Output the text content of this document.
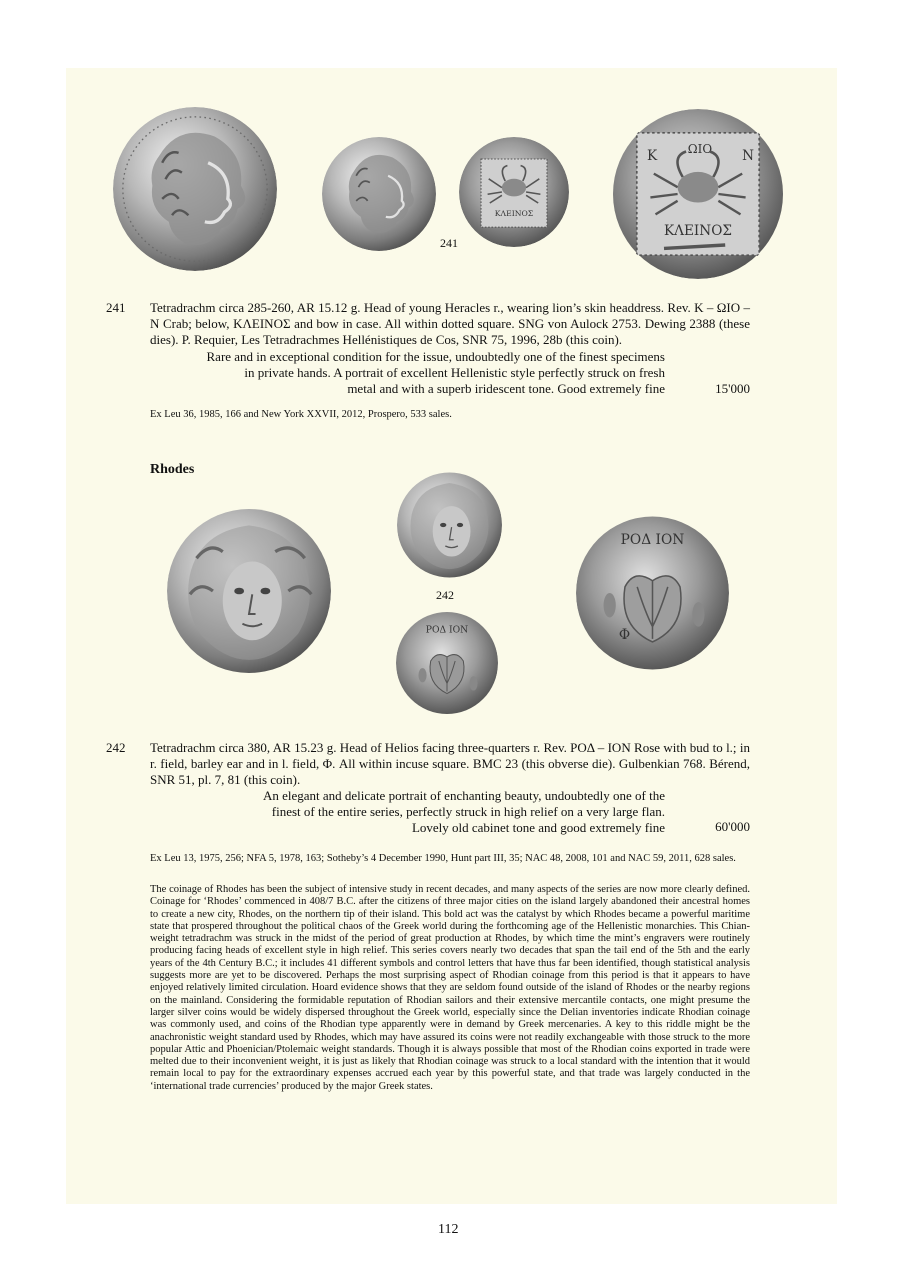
KΛEINOΣ
K	ΩIO	N
KΛEINOΣ
241
241 Tetradrachm circa 285-260, AR 15.12 g. Head of young Heracles r., wearing lion’s skin headdress. Rev. K – ΩIO – N Crab; below, KΛEINOΣ and bow in case. All within dotted square. SNG von Aulock 2753. Dewing 2388 (these dies). P. Requier, Les Tetradrachmes Hellénistiques de Cos, SNR 75, 1996, 28b (this coin).
Rare and in exceptional condition for the issue, undoubtedly one of the finest specimens
in private hands. A portrait of excellent Hellenistic style perfectly struck on fresh
metal and with a superb iridescent tone. Good extremely fine	15'000
Ex Leu 36, 1985, 166 and New York XXVII, 2012, Prospero, 533 sales.
Rhodes
242
POΔ ION
POΔ ION
Φ
242 Tetradrachm circa 380, AR 15.23 g. Head of Helios facing three-quarters r. Rev. POΔ – ION Rose with bud to l.; in r. field, barley ear and in l. field, Φ. All within incuse square. BMC 23 (this obverse die). Gulbenkian 768. Bérend, SNR 51, pl. 7, 81 (this coin).
An elegant and delicate portrait of enchanting beauty, undoubtedly one of the
finest of the entire series, perfectly struck in high relief on a very large flan.
Lovely old cabinet tone and good extremely fine	60'000
Ex Leu 13, 1975, 256; NFA 5, 1978, 163; Sotheby’s 4 December 1990, Hunt part III, 35; NAC 48, 2008, 101 and NAC 59, 2011, 628 sales.
The coinage of Rhodes has been the subject of intensive study in recent decades, and many aspects of the series are now more clearly defined. Coinage for ‘Rhodes’ commenced in 408/7 B.C. after the citizens of three major cities on the island largely abandoned their ancestral homes to create a new city, Rhodes, on the northern tip of their island. This bold act was the catalyst by which Rhodes became a powerful maritime state that prospered throughout the political chaos of the Greek world during the forthcoming age of the Hellenistic monarchies. This Chian-weight tetradrachm was struck in the midst of the period of great production at Rhodes, by which time the mint’s engravers were routinely producing facing heads of excellent style in high relief. This series covers nearly two decades that span the tail end of the 5th and the early years of the 4th Century B.C.; it includes 41 different symbols and control letters that have thus far been identified, though statistical analysis suggests more are yet to be discovered. Perhaps the most surprising aspect of Rhodian coinage from this period is that it appears to have enjoyed relatively limited circulation. Hoard evidence shows that they are seldom found outside of the island of Rhodes or the nearby regions on the mainland. Considering the formidable reputation of Rhodian sailors and their extensive mercantile contacts, one might presume the larger silver coins would be widely dispersed throughout the Greek world, especially since the Delian inventories indicate Rhodian coinage was commonly used, and coins of the Rhodian type apparently were in demand by Greek mercenaries. A key to this riddle might be the anachronistic weight standard used by Rhodes, which may have assured its coins were not readily exchangeable with those struck to the more popular Attic and Phoenician/Ptolemaic weight standards. Though it is always possible that most of the Rhodian coins exported in trade were melted due to their inconvenient weight, it is just as likely that Rhodian coinage was struck to a local standard with the intention that it would remain local to pay for the extraordinary expenses accrued each year by this powerful state, and that trade was largely conducted in the ‘international trade currencies’ produced by the major Greek states.
112
